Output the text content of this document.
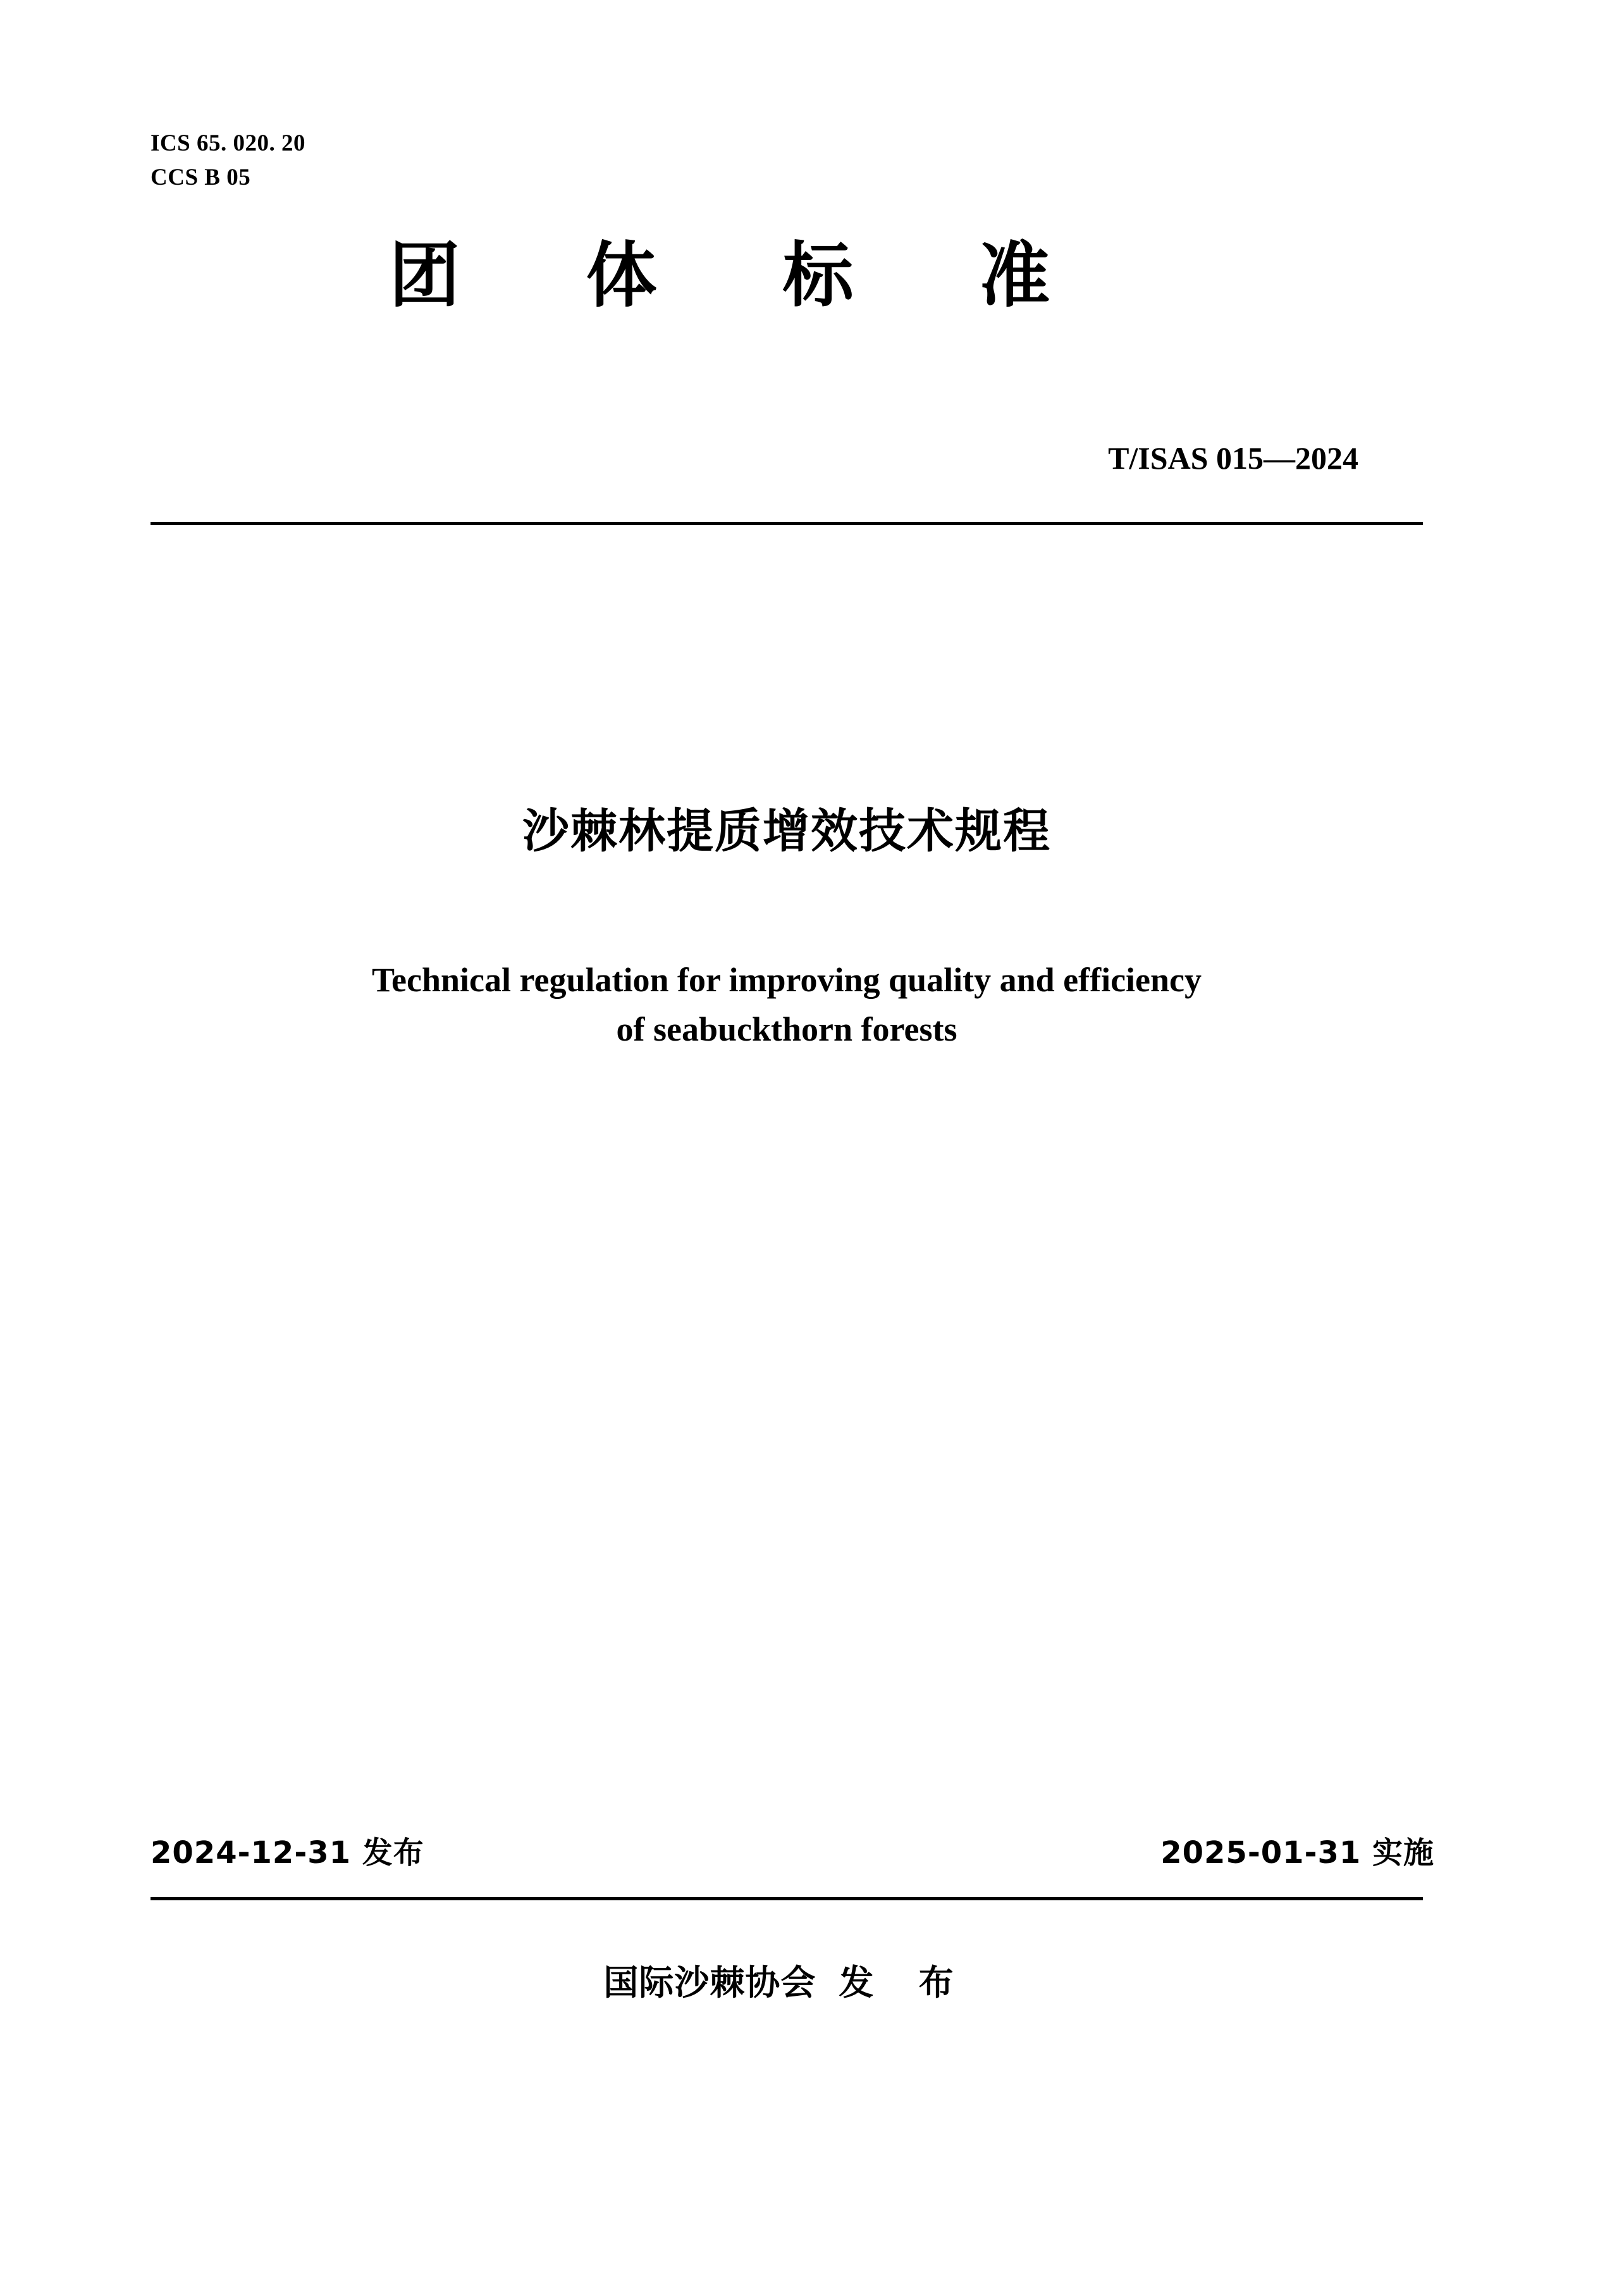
ICS 65. 020. 20
CCS B 05
团 体 标 准
T/ISAS 015—2024
沙棘林提质增效技术规程
Technical regulation for improving quality and efficiency
of seabuckthorn forests
2024-12-31 发布	2025-01-31 实施
国际沙棘协会 发 布
